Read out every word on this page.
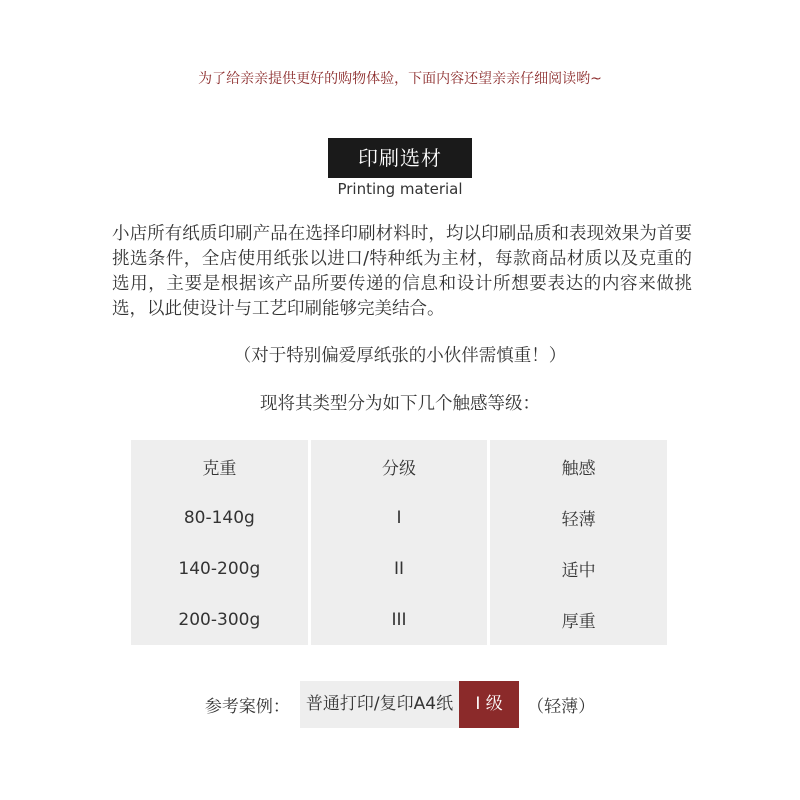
为了给亲亲提供更好的购物体验，下面内容还望亲亲仔细阅读哟~
印刷选材
Printing material

小店所有纸质印刷产品在选择印刷材料时，均以印刷品质和表现效果为首要挑选条件，全店使用纸张以进口/特种纸为主材，每款商品材质以及克重的选用，主要是根据该产品所要传递的信息和设计所想要表达的内容来做挑选，以此使设计与工艺印刷能够完美结合。

（对于特别偏爱厚纸张的小伙伴需慎重！）
现将其类型分为如下几个触感等级：
克重
80-140g
140-200g
200-300g
分级
I
II
III
触感
轻薄
适中
厚重
参考案例： 普通打印/复印A4纸	I 级	（轻薄）
